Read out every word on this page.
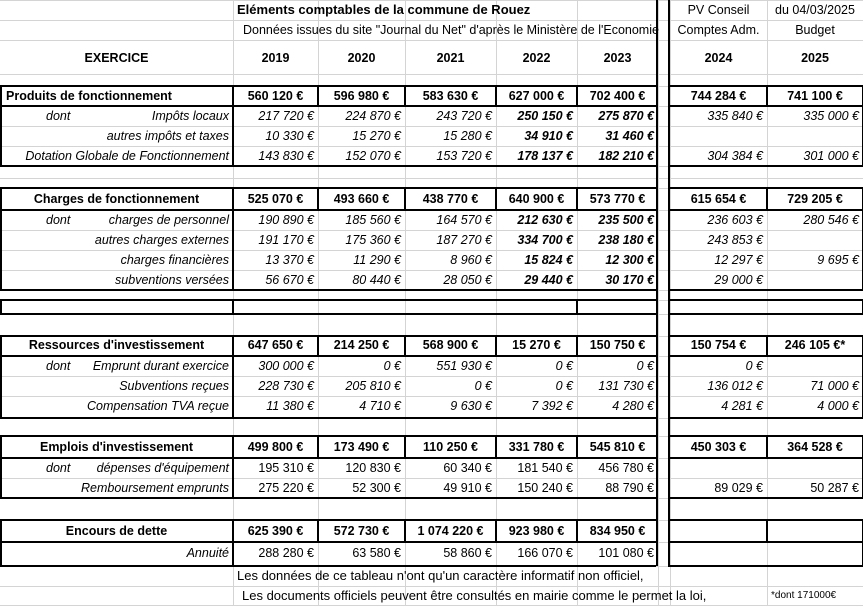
Eléments comptables de la commune de Rouez
Données issues du site "Journal du Net" d'après le Ministère de l'Economie
PV Conseil	du 04/03/2025
Comptes Adm.	Budget
EXERCICE	2019	2020	2021	2022	2023	2024	2025
Produits de fonctionnement	560 120 €	596 980 €	583 630 €	627 000 €	702 400 €	744 284 €	741 100 €
dont	Impôts locaux	217 720 €	224 870 €	243 720 €	250 150 €	275 870 €	335 840 €	335 000 €
autres impôts et taxes	10 330 €	15 270 €	15 280 €	34 910 €	31 460 €
Dotation Globale de Fonctionnement	143 830 €	152 070 €	153 720 €	178 137 €	182 210 €	304 384 €	301 000 €
Charges de fonctionnement	525 070 €	493 660 €	438 770 €	640 900 €	573 770 €	615 654 €	729 205 €
dont	charges de personnel	190 890 €	185 560 €	164 570 €	212 630 €	235 500 €	236 603 €	280 546 €
autres charges externes	191 170 €	175 360 €	187 270 €	334 700 €	238 180 €	243 853 €
charges financières	13 370 €	11 290 €	8 960 €	15 824 €	12 300 €	12 297 €	9 695 €
subventions versées	56 670 €	80 440 €	28 050 €	29 440 €	30 170 €	29 000 €
Ressources d'investissement	647 650 €	214 250 €	568 900 €	15 270 €	150 750 €	150 754 €	246 105 €*
dont	Emprunt durant exercice	300 000 €	0 €	551 930 €	0 €	0 €	0 €
Subventions reçues	228 730 €	205 810 €	0 €	0 €	131 730 €	136 012 €	71 000 €
Compensation TVA reçue	11 380 €	4 710 €	9 630 €	7 392 €	4 280 €	4 281 €	4 000 €
Emplois d'investissement	499 800 €	173 490 €	110 250 €	331 780 €	545 810 €	450 303 €	364 528 €
dont	dépenses d'équipement	195 310 €	120 830 €	60 340 €	181 540 €	456 780 €
Remboursement emprunts	275 220 €	52 300 €	49 910 €	150 240 €	88 790 €	89 029 €	50 287 €
Encours de dette	625 390 €	572 730 €	1 074 220 €	923 980 €	834 950 €
Annuité	288 280 €	63 580 €	58 860 €	166 070 €	101 080 €
Les données de ce tableau n'ont qu'un caractère informatif non officiel,
Les documents officiels peuvent être consultés en mairie comme le permet la loi,	*dont 171000€
